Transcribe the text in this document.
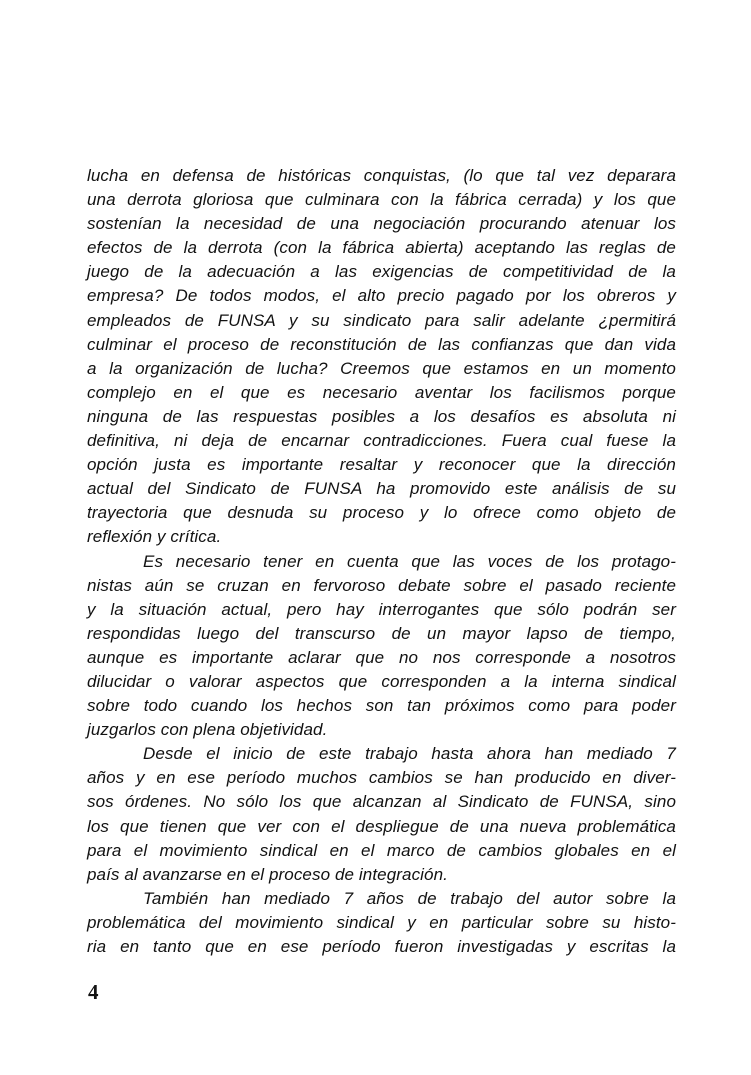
lucha en defensa de históricas conquistas, (lo que tal vez deparara
una derrota gloriosa que culminara con la fábrica cerrada) y los que
sostenían la necesidad de una negociación procurando atenuar los
efectos de la derrota (con la fábrica abierta) aceptando las reglas de
juego de la adecuación a las exigencias de competitividad de la
empresa? De todos modos, el alto precio pagado por los obreros y
empleados de FUNSA y su sindicato para salir adelante ¿permitirá
culminar el proceso de reconstitución de las confianzas que dan vida
a la organización de lucha? Creemos que estamos en un momento
complejo en el que es necesario aventar los facilismos porque
ninguna de las respuestas posibles a los desafíos es absoluta ni
definitiva, ni deja de encarnar contradicciones. Fuera cual fuese la
opción justa es importante resaltar y reconocer que la dirección
actual del Sindicato de FUNSA ha promovido este análisis de su
trayectoria que desnuda su proceso y lo ofrece como objeto de
reflexión y crítica.
Es necesario tener en cuenta que las voces de los protago-
nistas aún se cruzan en fervoroso debate sobre el pasado reciente
y la situación actual, pero hay interrogantes que sólo podrán ser
respondidas luego del transcurso de un mayor lapso de tiempo,
aunque es importante aclarar que no nos corresponde a nosotros
dilucidar o valorar aspectos que corresponden a la interna sindical
sobre todo cuando los hechos son tan próximos como para poder
juzgarlos con plena objetividad.
Desde el inicio de este trabajo hasta ahora han mediado 7
años y en ese período muchos cambios se han producido en diver-
sos órdenes. No sólo los que alcanzan al Sindicato de FUNSA, sino
los que tienen que ver con el despliegue de una nueva problemática
para el movimiento sindical en el marco de cambios globales en el
país al avanzarse en el proceso de integración.
También han mediado 7 años de trabajo del autor sobre la
problemática del movimiento sindical y en particular sobre su histo-
ria en tanto que en ese período fueron investigadas y escritas la
4
